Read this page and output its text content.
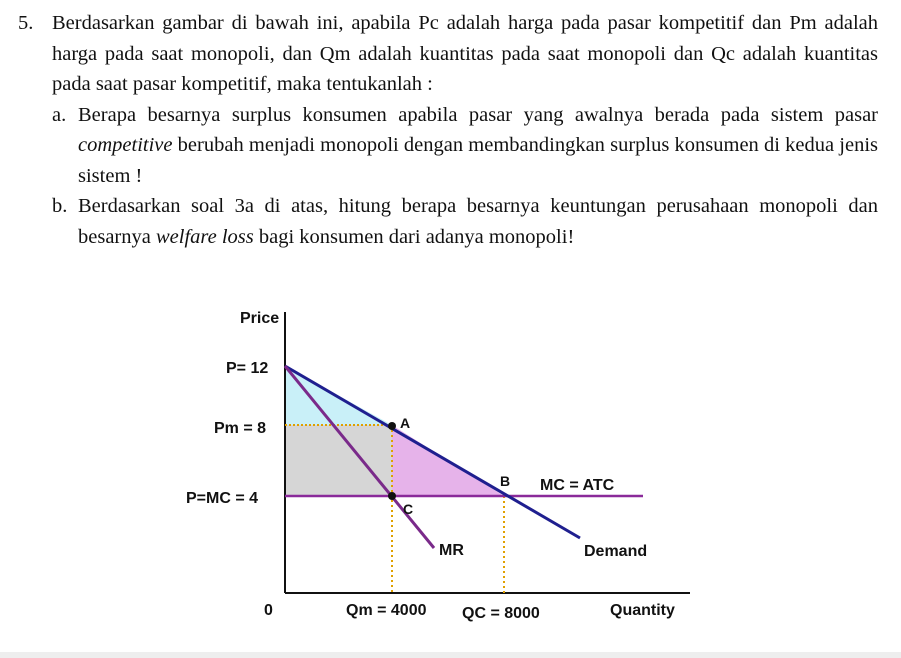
5. Berdasarkan gambar di bawah ini, apabila Pc adalah harga pada pasar kompetitif dan Pm adalah harga pada saat monopoli, dan Qm adalah kuantitas pada saat monopoli dan Qc adalah kuantitas pada saat pasar kompetitif, maka tentukanlah :
a. Berapa besarnya surplus konsumen apabila pasar yang awalnya berada pada sistem pasar competitive berubah menjadi monopoli dengan membandingkan surplus konsumen di kedua jenis sistem !
b. Berdasarkan soal 3a di atas, hitung berapa besarnya keuntungan perusahaan monopoli dan besarnya welfare loss bagi konsumen dari adanya monopoli!
Price
P= 12
Pm = 8
P=MC = 4
0	Qm = 4000 QC = 8000	Quantity
A
B
C
MC = ATC
MR	Demand
